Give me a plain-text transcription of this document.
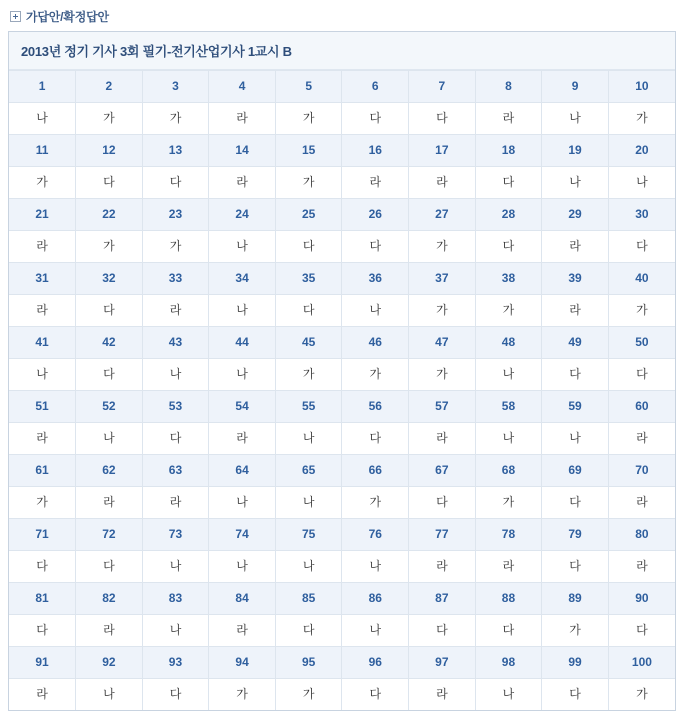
가답안/확정답안
2013년 정기 기사 3회 필기-전기산업기사 1교시 B
1	2	3	4	5	6	7	8	9	10
나	가	가	라	가	다	다	라	나	가
11	12	13	14	15	16	17	18	19	20
가	다	다	라	가	라	라	다	나	나
21	22	23	24	25	26	27	28	29	30
라	가	가	나	다	다	가	다	라	다
31	32	33	34	35	36	37	38	39	40
라	다	라	나	다	나	가	가	라	가
41	42	43	44	45	46	47	48	49	50
나	다	나	나	가	가	가	나	다	다
51	52	53	54	55	56	57	58	59	60
라	나	다	라	나	다	라	나	나	라
61	62	63	64	65	66	67	68	69	70
가	라	라	나	나	가	다	가	다	라
71	72	73	74	75	76	77	78	79	80
다	다	나	나	나	나	라	라	다	라
81	82	83	84	85	86	87	88	89	90
다	라	나	라	다	나	다	다	가	다
91	92	93	94	95	96	97	98	99	100
라	나	다	가	가	다	라	나	다	가
